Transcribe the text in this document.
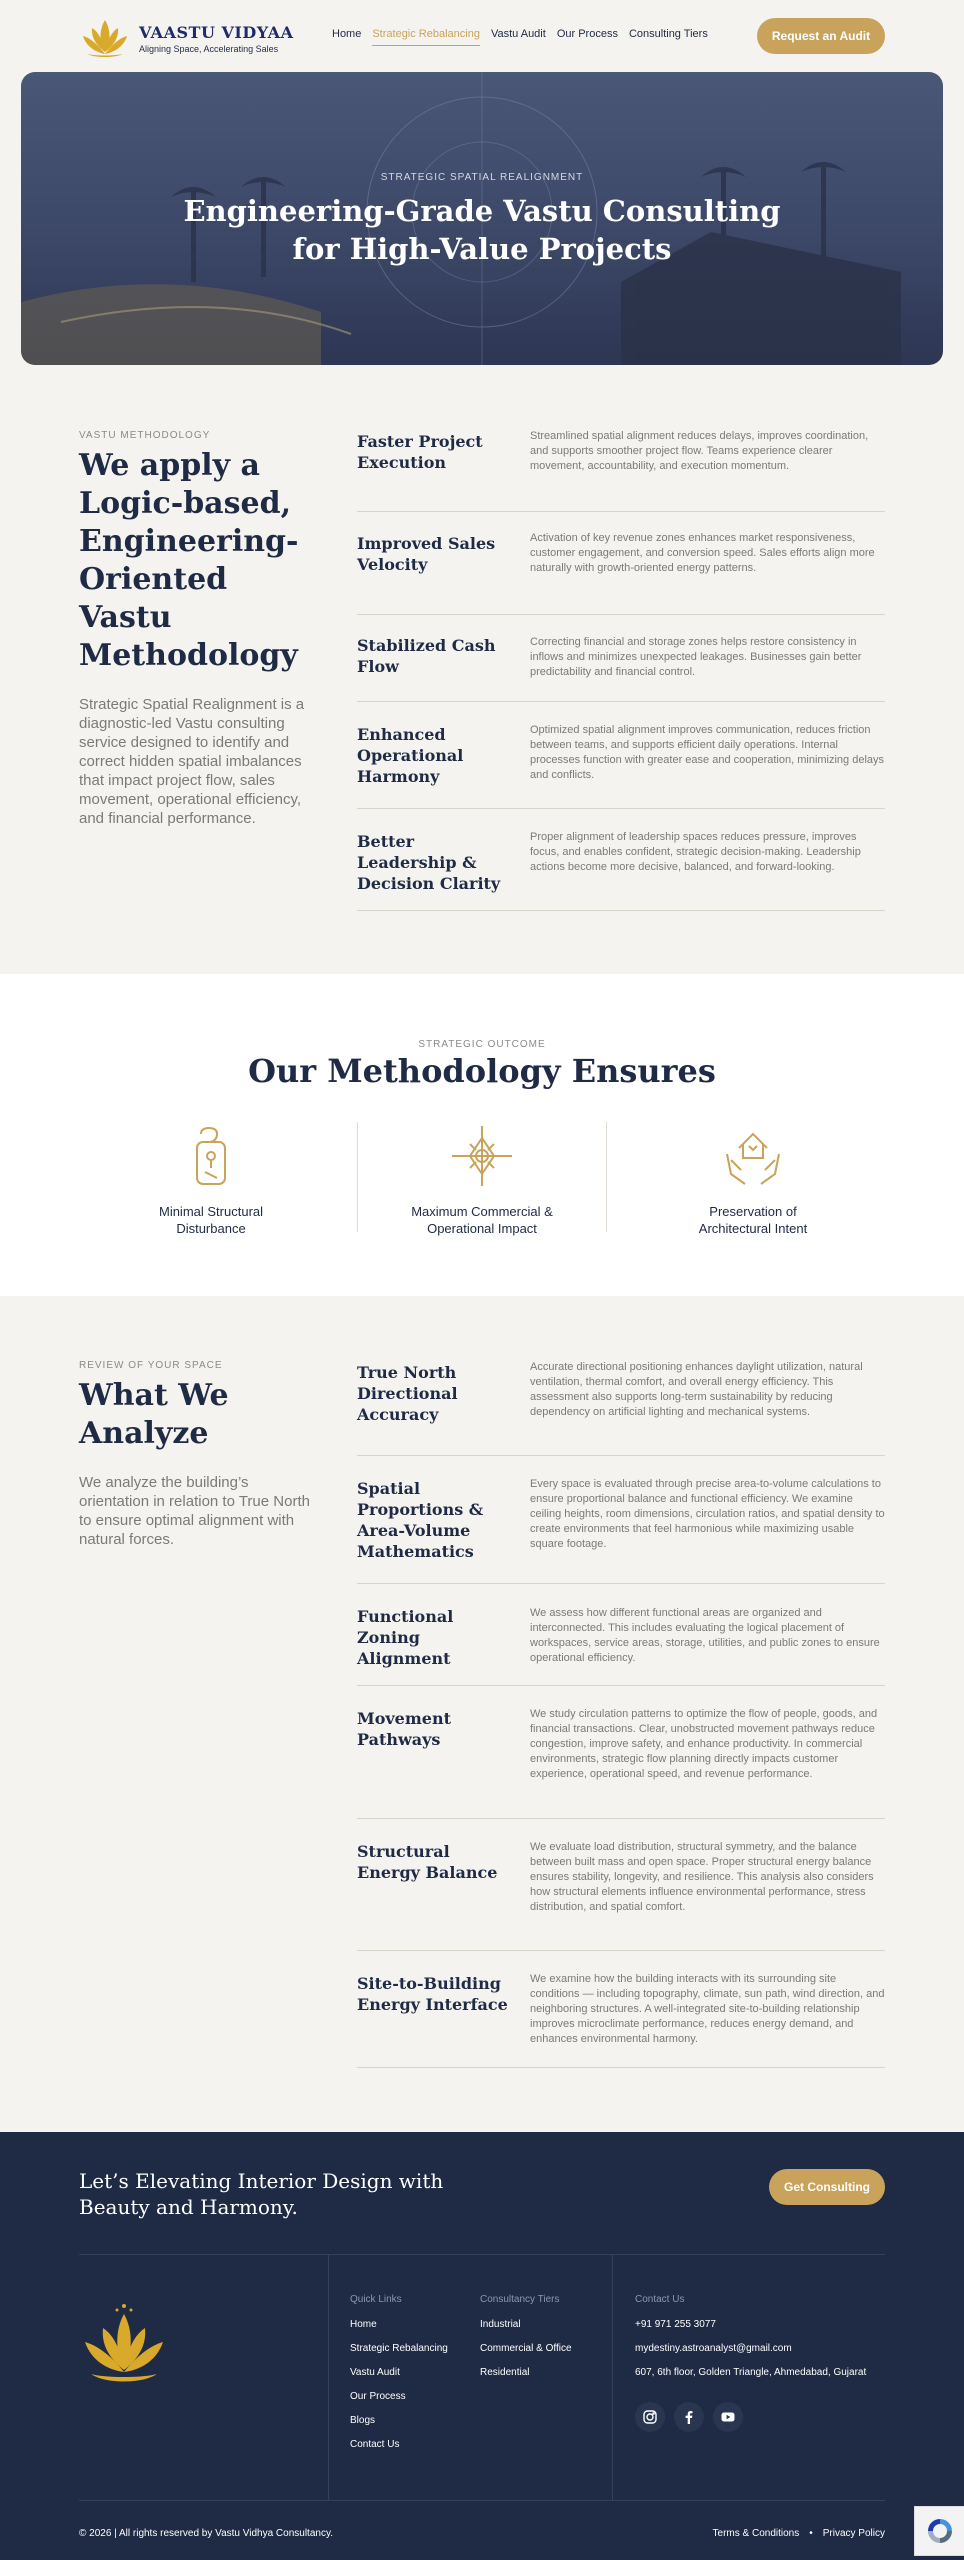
VAASTU VIDYAA
Aligning Space, Accelerating Sales
Home Strategic Rebalancing Vastu Audit Our Process Consulting Tiers	Request an Audit
STRATEGIC SPATIAL REALIGNMENT
Engineering-Grade Vastu Consulting
for High-Value Projects
VASTU METHODOLOGY
We apply a Logic-based, Engineering-Oriented Vastu Methodology

Strategic Spatial Realignment is a diagnostic-led Vastu consulting service designed to identify and correct hidden spatial imbalances that impact project flow, sales movement, operational efficiency, and financial performance.

Faster Project Execution
Streamlined spatial alignment reduces delays, improves coordination, and supports smoother project flow. Teams experience clearer movement, accountability, and execution momentum.
Improved Sales Velocity
Activation of key revenue zones enhances market responsiveness, customer engagement, and conversion speed. Sales efforts align more naturally with growth-oriented energy patterns.
Stabilized Cash Flow
Correcting financial and storage zones helps restore consistency in inflows and minimizes unexpected leakages. Businesses gain better predictability and financial control.
Enhanced Operational Harmony
Optimized spatial alignment improves communication, reduces friction between teams, and supports efficient daily operations. Internal processes function with greater ease and cooperation, minimizing delays and conflicts.
Better Leadership & Decision Clarity
Proper alignment of leadership spaces reduces pressure, improves focus, and enables confident, strategic decision-making. Leadership actions become more decisive, balanced, and forward-looking.
STRATEGIC OUTCOME
Our Methodology Ensures
Minimal Structural
Disturbance
Maximum Commercial &
Operational Impact
Preservation of
Architectural Intent
REVIEW OF YOUR SPACE
What We Analyze

We analyze the building’s orientation in relation to True North to ensure optimal alignment with natural forces.

True North Directional Accuracy
Accurate directional positioning enhances daylight utilization, natural ventilation, thermal comfort, and overall energy efficiency. This assessment also supports long-term sustainability by reducing dependency on artificial lighting and mechanical systems.
Spatial Proportions & Area-Volume Mathematics
Every space is evaluated through precise area-to-volume calculations to ensure proportional balance and functional efficiency. We examine ceiling heights, room dimensions, circulation ratios, and spatial density to create environments that feel harmonious while maximizing usable square footage.
Functional Zoning Alignment
We assess how different functional areas are organized and interconnected. This includes evaluating the logical placement of workspaces, service areas, storage, utilities, and public zones to ensure operational efficiency.
Movement Pathways
We study circulation patterns to optimize the flow of people, goods, and financial transactions. Clear, unobstructed movement pathways reduce congestion, improve safety, and enhance productivity. In commercial environments, strategic flow planning directly impacts customer experience, operational speed, and revenue performance.
Structural Energy Balance
We evaluate load distribution, structural symmetry, and the balance between built mass and open space. Proper structural energy balance ensures stability, longevity, and resilience. This analysis also considers how structural elements influence environmental performance, stress distribution, and spatial comfort.
Site-to-Building Energy Interface
We examine how the building interacts with its surrounding site conditions — including topography, climate, sun path, wind direction, and neighboring structures. A well-integrated site-to-building relationship improves microclimate performance, reduces energy demand, and enhances environmental harmony.
Let’s Elevating Interior Design with
Beauty and Harmony.
Get Consulting
Quick Links
Home
Strategic Rebalancing
Vastu Audit
Our Process
Blogs
Contact Us
Consultancy Tiers
Industrial
Commercial & Office
Residential
Contact Us
+91 971 255 3077
mydestiny.astroanalyst@gmail.com
607, 6th floor, Golden Triangle, Ahmedabad, Gujarat
© 2026 | All rights reserved by Vastu Vidhya Consultancy.	Terms & Conditions • Privacy Policy
